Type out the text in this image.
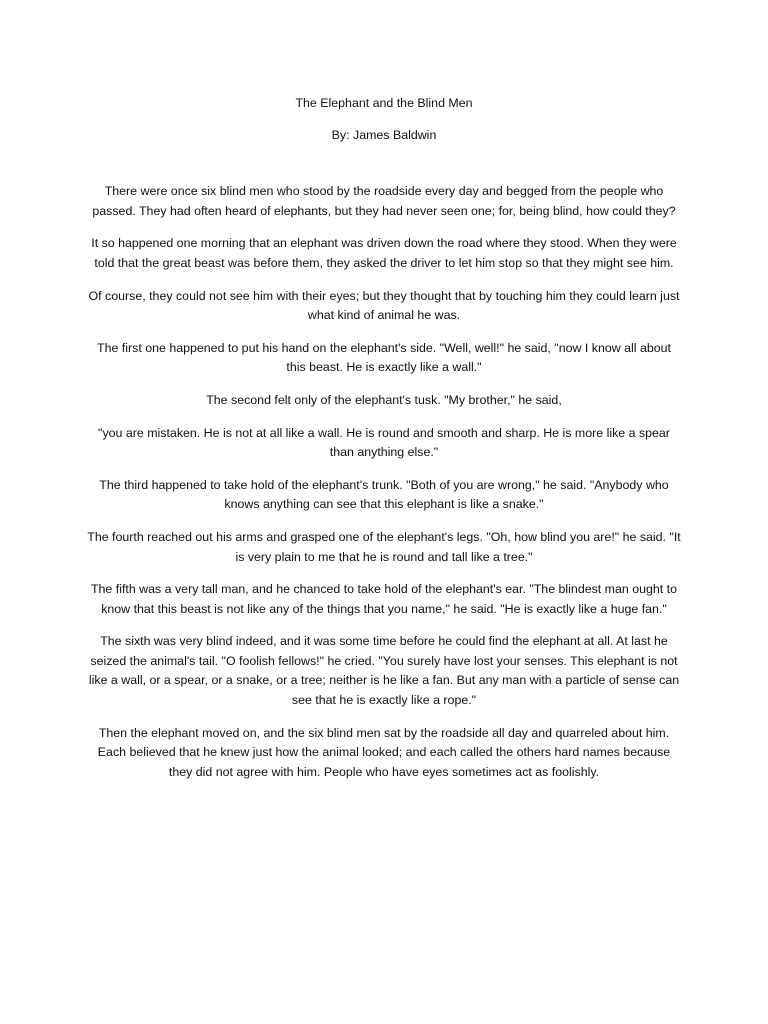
The Elephant and the Blind Men

By: James Baldwin

There were once six blind men who stood by the roadside every day and begged from the people who passed. They had often heard of elephants, but they had never seen one; for, being blind, how could they?

It so happened one morning that an elephant was driven down the road where they stood. When they were told that the great beast was before them, they asked the driver to let him stop so that they might see him.

Of course, they could not see him with their eyes; but they thought that by touching him they could learn just what kind of animal he was.

The first one happened to put his hand on the elephant's side. "Well, well!" he said, "now I know all about this beast. He is exactly like a wall."

The second felt only of the elephant's tusk. "My brother," he said,

"you are mistaken. He is not at all like a wall. He is round and smooth and sharp. He is more like a spear than anything else."

The third happened to take hold of the elephant's trunk. "Both of you are wrong," he said. "Anybody who knows anything can see that this elephant is like a snake."

The fourth reached out his arms and grasped one of the elephant's legs. "Oh, how blind you are!" he said. "It is very plain to me that he is round and tall like a tree."

The fifth was a very tall man, and he chanced to take hold of the elephant's ear. "The blindest man ought to know that this beast is not like any of the things that you name," he said. "He is exactly like a huge fan."

The sixth was very blind indeed, and it was some time before he could find the elephant at all. At last he seized the animal's tail. "O foolish fellows!" he cried. "You surely have lost your senses. This elephant is not like a wall, or a spear, or a snake, or a tree; neither is he like a fan. But any man with a particle of sense can see that he is exactly like a rope."

Then the elephant moved on, and the six blind men sat by the roadside all day and quarreled about him. Each believed that he knew just how the animal looked; and each called the others hard names because they did not agree with him. People who have eyes sometimes act as foolishly.
